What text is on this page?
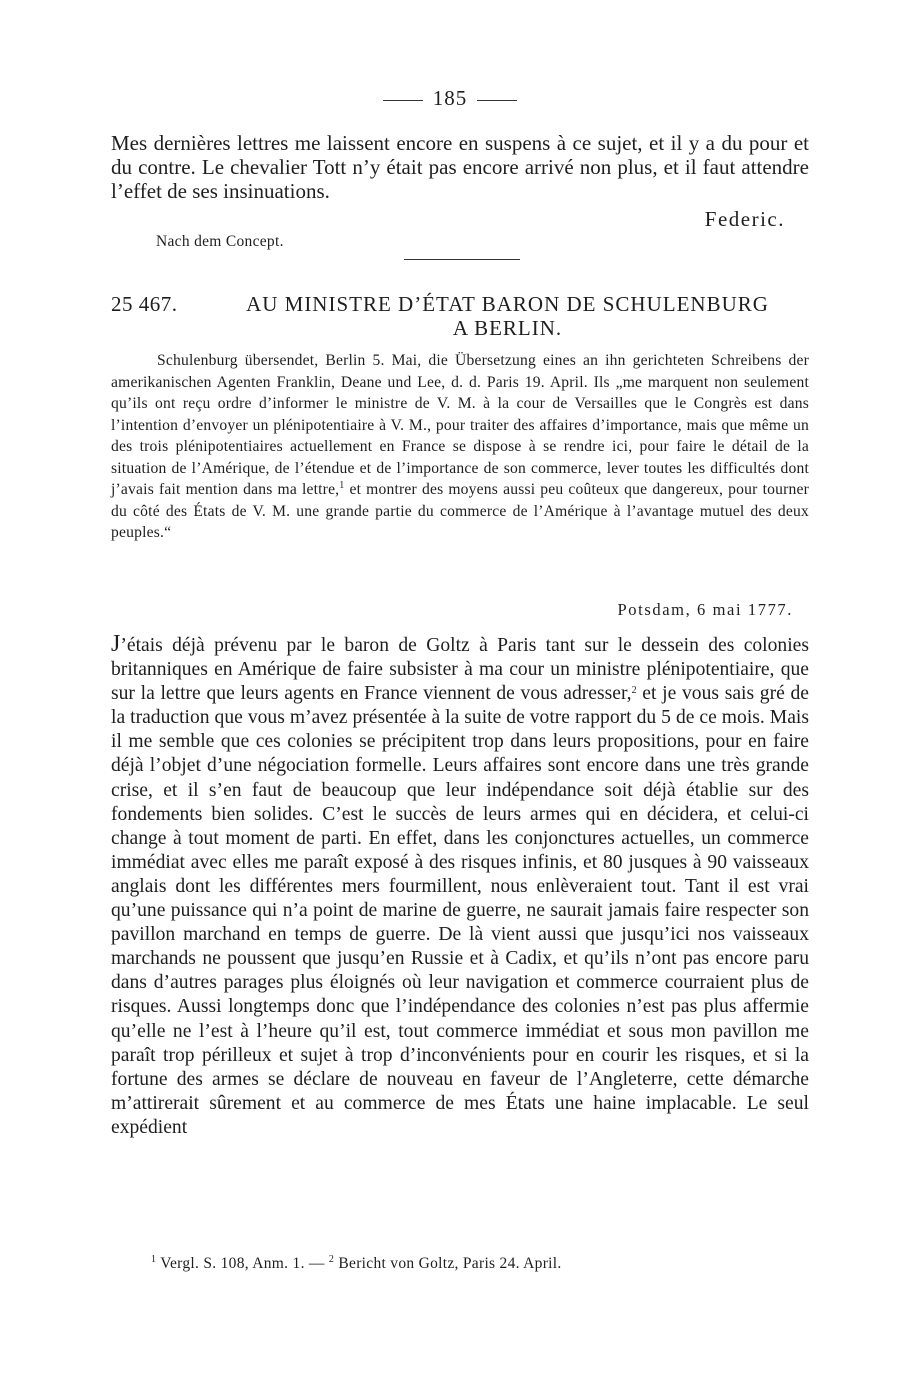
185
Mes dernières lettres me laissent encore en suspens à ce sujet, et il y a du pour et du contre. Le chevalier Tott n’y était pas encore arrivé non plus, et il faut attendre l’effet de ses insinuations.
Federic.
Nach dem Concept.
25 467.	AU MINISTRE D’ÉTAT BARON DE SCHULENBURG
A BERLIN.
Schulenburg übersendet, Berlin 5. Mai, die Übersetzung eines an ihn gerichteten Schreibens der amerikanischen Agenten Franklin, Deane und Lee, d. d. Paris 19. April. Ils „me marquent non seulement qu’ils ont reçu ordre d’informer le ministre de V. M. à la cour de Versailles que le Congrès est dans l’intention d’envoyer un plénipotentiaire à V. M., pour traiter des affaires d’importance, mais que même un des trois plénipotentiaires actuellement en France se dispose à se rendre ici, pour faire le détail de la situation de l’Amérique, de l’étendue et de l’importance de son commerce, lever toutes les difficultés dont j’avais fait mention dans ma lettre,$^1$ et montrer des moyens aussi peu coûteux que dangereux, pour tourner du côté des États de V. M. une grande partie du commerce de l’Amérique à l’avantage mutuel des deux peuples.“
Potsdam, 6 mai 1777.
J’étais déjà prévenu par le baron de Goltz à Paris tant sur le dessein des colonies britanniques en Amérique de faire subsister à ma cour un ministre plénipotentiaire, que sur la lettre que leurs agents en France viennent de vous adresser,$^2$ et je vous sais gré de la traduction que vous m’avez présentée à la suite de votre rapport du 5 de ce mois. Mais il me semble que ces colonies se précipitent trop dans leurs propositions, pour en faire déjà l’objet d’une négociation formelle. Leurs affaires sont encore dans une très grande crise, et il s’en faut de beaucoup que leur indépendance soit déjà établie sur des fondements bien solides. C’est le succès de leurs armes qui en décidera, et celui-ci change à tout moment de parti. En effet, dans les conjonctures actuelles, un commerce immédiat avec elles me paraît exposé à des risques infinis, et 80 jusques à 90 vaisseaux anglais dont les différentes mers fourmillent, nous enlèveraient tout. Tant il est vrai qu’une puissance qui n’a point de marine de guerre, ne saurait jamais faire respecter son pavillon marchand en temps de guerre. De là vient aussi que jusqu’ici nos vaisseaux marchands ne poussent que jusqu’en Russie et à Cadix, et qu’ils n’ont pas encore paru dans d’autres parages plus éloignés où leur navigation et commerce courraient plus de risques. Aussi longtemps donc que l’indépendance des colonies n’est pas plus affermie qu’elle ne l’est à l’heure qu’il est, tout commerce immédiat et sous mon pavillon me paraît trop périlleux et sujet à trop d’inconvénients pour en courir les risques, et si la fortune des armes se déclare de nouveau en faveur de l’Angleterre, cette démarche m’attirerait sûrement et au commerce de mes États une haine implacable. Le seul expédient
$^1$ Vergl. S. 108, Anm. 1. — $^2$ Bericht von Goltz, Paris 24. April.
